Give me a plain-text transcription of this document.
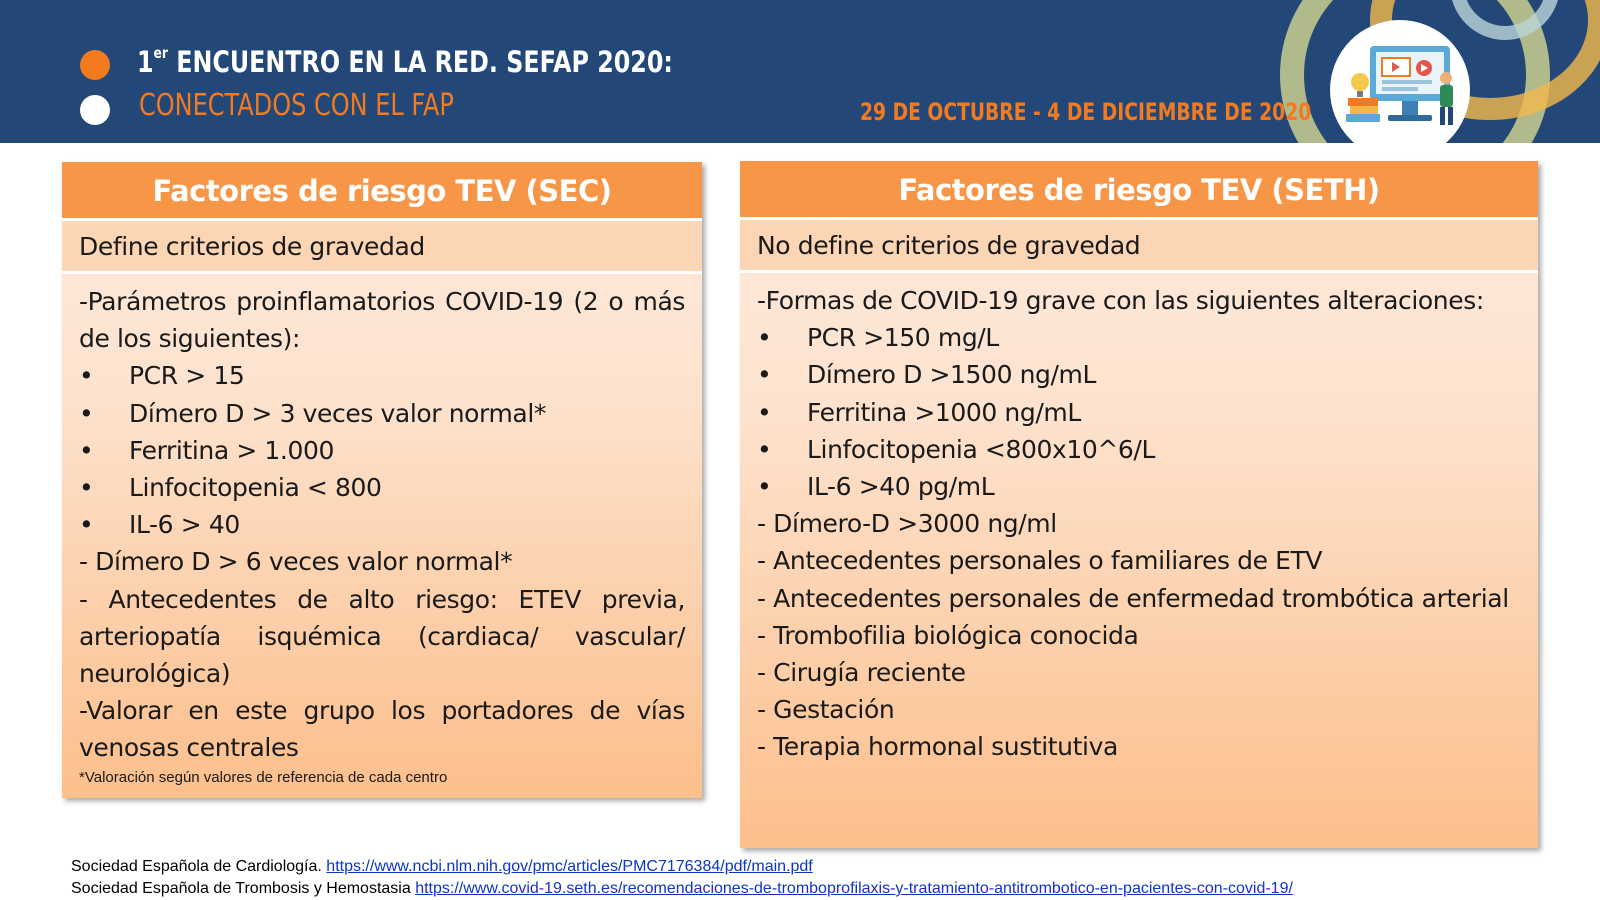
1er ENCUENTRO EN LA RED. SEFAP 2020:
CONECTADOS CON EL FAP	29 DE OCTUBRE - 4 DE DICIEMBRE DE 2020
Factores de riesgo TEV (SEC)
Define criterios de gravedad
-Parámetros proinflamatorios COVID-19 (2 o más de los siguientes):
•	PCR > 15
•	Dímero D > 3 veces valor normal*
•	Ferritina > 1.000
•	Linfocitopenia < 800
•	IL-6 > 40
- Dímero D > 6 veces valor normal*
- Antecedentes de alto riesgo: ETEV previa, arteriopatía isquémica (cardiaca/ vascular/ neurológica)
-Valorar en este grupo los portadores de vías venosas centrales
*Valoración según valores de referencia de cada centro
Factores de riesgo TEV (SETH)
No define criterios de gravedad
-Formas de COVID-19 grave con las siguientes alteraciones:
•	PCR >150 mg/L
•	Dímero D >1500 ng/mL
•	Ferritina >1000 ng/mL
•	Linfocitopenia <800x10^6/L
•	IL-6 >40 pg/mL
- Dímero-D >3000 ng/ml
- Antecedentes personales o familiares de ETV
- Antecedentes personales de enfermedad trombótica arterial
- Trombofilia biológica conocida
- Cirugía reciente
- Gestación
- Terapia hormonal sustitutiva
Sociedad Española de Cardiología. https://www.ncbi.nlm.nih.gov/pmc/articles/PMC7176384/pdf/main.pdf
Sociedad Española de Trombosis y Hemostasia https://www.covid-19.seth.es/recomendaciones-de-tromboprofilaxis-y-tratamiento-antitrombotico-en-pacientes-con-covid-19/
